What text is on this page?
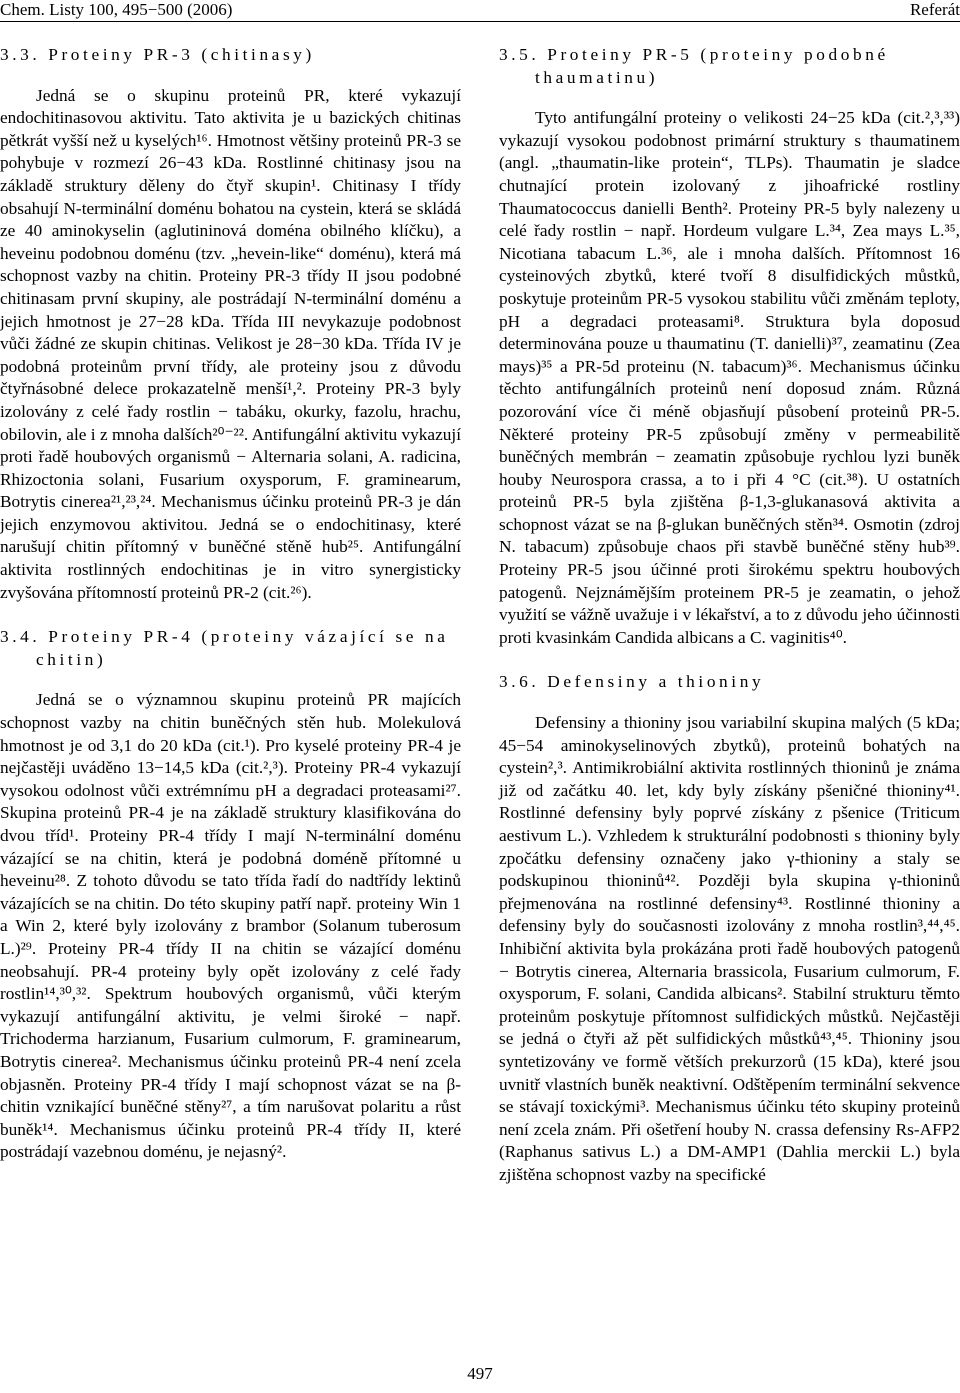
Chem. Listy 100, 495−500 (2006)	Referát
3.3. Proteiny PR-3 (chitinasy)

Jedná se o skupinu proteinů PR, které vykazují endochitinasovou aktivitu. Tato aktivita je u bazických chitinas pětkrát vyšší než u kyselých¹⁶. Hmotnost většiny proteinů PR-3 se pohybuje v rozmezí 26−43 kDa. Rostlinné chitinasy jsou na základě struktury děleny do čtyř skupin¹. Chitinasy I třídy obsahují N-terminální doménu bohatou na cystein, která se skládá ze 40 aminokyselin (aglutininová doména obilného klíčku), a heveinu podobnou doménu (tzv. „hevein-like“ doménu), která má schopnost vazby na chitin. Proteiny PR-3 třídy II jsou podobné chitinasam první skupiny, ale postrádají N-terminální doménu a jejich hmotnost je 27−28 kDa. Třída III nevykazuje podobnost vůči žádné ze skupin chitinas. Velikost je 28−30 kDa. Třída IV je podobná proteinům první třídy, ale proteiny jsou z důvodu čtyřnásobné delece prokazatelně menší¹,². Proteiny PR-3 byly izolovány z celé řady rostlin − tabáku, okurky, fazolu, hrachu, obilovin, ale i z mnoha dalších²⁰⁻²². Antifungální aktivitu vykazují proti řadě houbových organismů − Alternaria solani, A. radicina, Rhizoctonia solani, Fusarium oxysporum, F. graminearum, Botrytis cinerea²¹,²³,²⁴. Mechanismus účinku proteinů PR-3 je dán jejich enzymovou aktivitou. Jedná se o endochitinasy, které narušují chitin přítomný v buněčné stěně hub²⁵. Antifungální aktivita rostlinných endochitinas je in vitro synergisticky zvyšována přítomností proteinů PR-2 (cit.²⁶).

3.4. Proteiny PR-4 (proteiny vázající se na chitin)

Jedná se o významnou skupinu proteinů PR majících schopnost vazby na chitin buněčných stěn hub. Molekulová hmotnost je od 3,1 do 20 kDa (cit.¹). Pro kyselé proteiny PR-4 je nejčastěji uváděno 13−14,5 kDa (cit.²,³). Proteiny PR-4 vykazují vysokou odolnost vůči extrémnímu pH a degradaci proteasami²⁷. Skupina proteinů PR-4 je na základě struktury klasifikována do dvou tříd¹. Proteiny PR-4 třídy I mají N-terminální doménu vázající se na chitin, která je podobná doméně přítomné u heveinu²⁸. Z tohoto důvodu se tato třída řadí do nadtřídy lektinů vázajících se na chitin. Do této skupiny patří např. proteiny Win 1 a Win 2, které byly izolovány z brambor (Solanum tuberosum L.)²⁹. Proteiny PR-4 třídy II na chitin se vázající doménu neobsahují. PR-4 proteiny byly opět izolovány z celé řady rostlin¹⁴,³⁰,³². Spektrum houbových organismů, vůči kterým vykazují antifungální aktivitu, je velmi široké − např. Trichoderma harzianum, Fusarium culmorum, F. graminearum, Botrytis cinerea². Mechanismus účinku proteinů PR-4 není zcela objasněn. Proteiny PR-4 třídy I mají schopnost vázat se na β-chitin vznikající buněčné stěny²⁷, a tím narušovat polaritu a růst buněk¹⁴. Mechanismus účinku proteinů PR-4 třídy II, které postrádají vazebnou doménu, je nejasný².

3.5. Proteiny PR-5 (proteiny podobné thaumatinu)

Tyto antifungální proteiny o velikosti 24−25 kDa (cit.²,³,³³) vykazují vysokou podobnost primární struktury s thaumatinem (angl. „thaumatin-like protein“, TLPs). Thaumatin je sladce chutnající protein izolovaný z jihoafrické rostliny Thaumatococcus danielli Benth². Proteiny PR-5 byly nalezeny u celé řady rostlin − např. Hordeum vulgare L.³⁴, Zea mays L.³⁵, Nicotiana tabacum L.³⁶, ale i mnoha dalších. Přítomnost 16 cysteinových zbytků, které tvoří 8 disulfidických můstků, poskytuje proteinům PR-5 vysokou stabilitu vůči změnám teploty, pH a degradaci proteasami⁸. Struktura byla doposud determinována pouze u thaumatinu (T. danielli)³⁷, zeamatinu (Zea mays)³⁵ a PR-5d proteinu (N. tabacum)³⁶. Mechanismus účinku těchto antifungálních proteinů není doposud znám. Různá pozorování více či méně objasňují působení proteinů PR-5. Některé proteiny PR-5 způsobují změny v permeabilitě buněčných membrán − zeamatin způsobuje rychlou lyzi buněk houby Neurospora crassa, a to i při 4 °C (cit.³⁸). U ostatních proteinů PR-5 byla zjištěna β-1,3-glukanasová aktivita a schopnost vázat se na β-glukan buněčných stěn³⁴. Osmotin (zdroj N. tabacum) způsobuje chaos při stavbě buněčné stěny hub³⁹. Proteiny PR-5 jsou účinné proti širokému spektru houbových patogenů. Nejznámějším proteinem PR-5 je zeamatin, o jehož využití se vážně uvažuje i v lékařství, a to z důvodu jeho účinnosti proti kvasinkám Candida albicans a C. vaginitis⁴⁰.

3.6. Defensiny a thioniny

Defensiny a thioniny jsou variabilní skupina malých (5 kDa; 45−54 aminokyselinových zbytků), proteinů bohatých na cystein²,³. Antimikrobiální aktivita rostlinných thioninů je známa již od začátku 40. let, kdy byly získány pšeničné thioniny⁴¹. Rostlinné defensiny byly poprvé získány z pšenice (Triticum aestivum L.). Vzhledem k strukturální podobnosti s thioniny byly zpočátku defensiny označeny jako γ-thioniny a staly se podskupinou thioninů⁴². Později byla skupina γ-thioninů přejmenována na rostlinné defensiny⁴³. Rostlinné thioniny a defensiny byly do současnosti izolovány z mnoha rostlin³,⁴⁴,⁴⁵. Inhibiční aktivita byla prokázána proti řadě houbových patogenů − Botrytis cinerea, Alternaria brassicola, Fusarium culmorum, F. oxysporum, F. solani, Candida albicans². Stabilní strukturu těmto proteinům poskytuje přítomnost sulfidických můstků. Nejčastěji se jedná o čtyři až pět sulfidických můstků⁴³,⁴⁵. Thioniny jsou syntetizovány ve formě větších prekurzorů (15 kDa), které jsou uvnitř vlastních buněk neaktivní. Odštěpením terminální sekvence se stávají toxickými³. Mechanismus účinku této skupiny proteinů není zcela znám. Při ošetření houby N. crassa defensiny Rs-AFP2 (Raphanus sativus L.) a DM-AMP1 (Dahlia merckii L.) byla zjištěna schopnost vazby na specifické

497
